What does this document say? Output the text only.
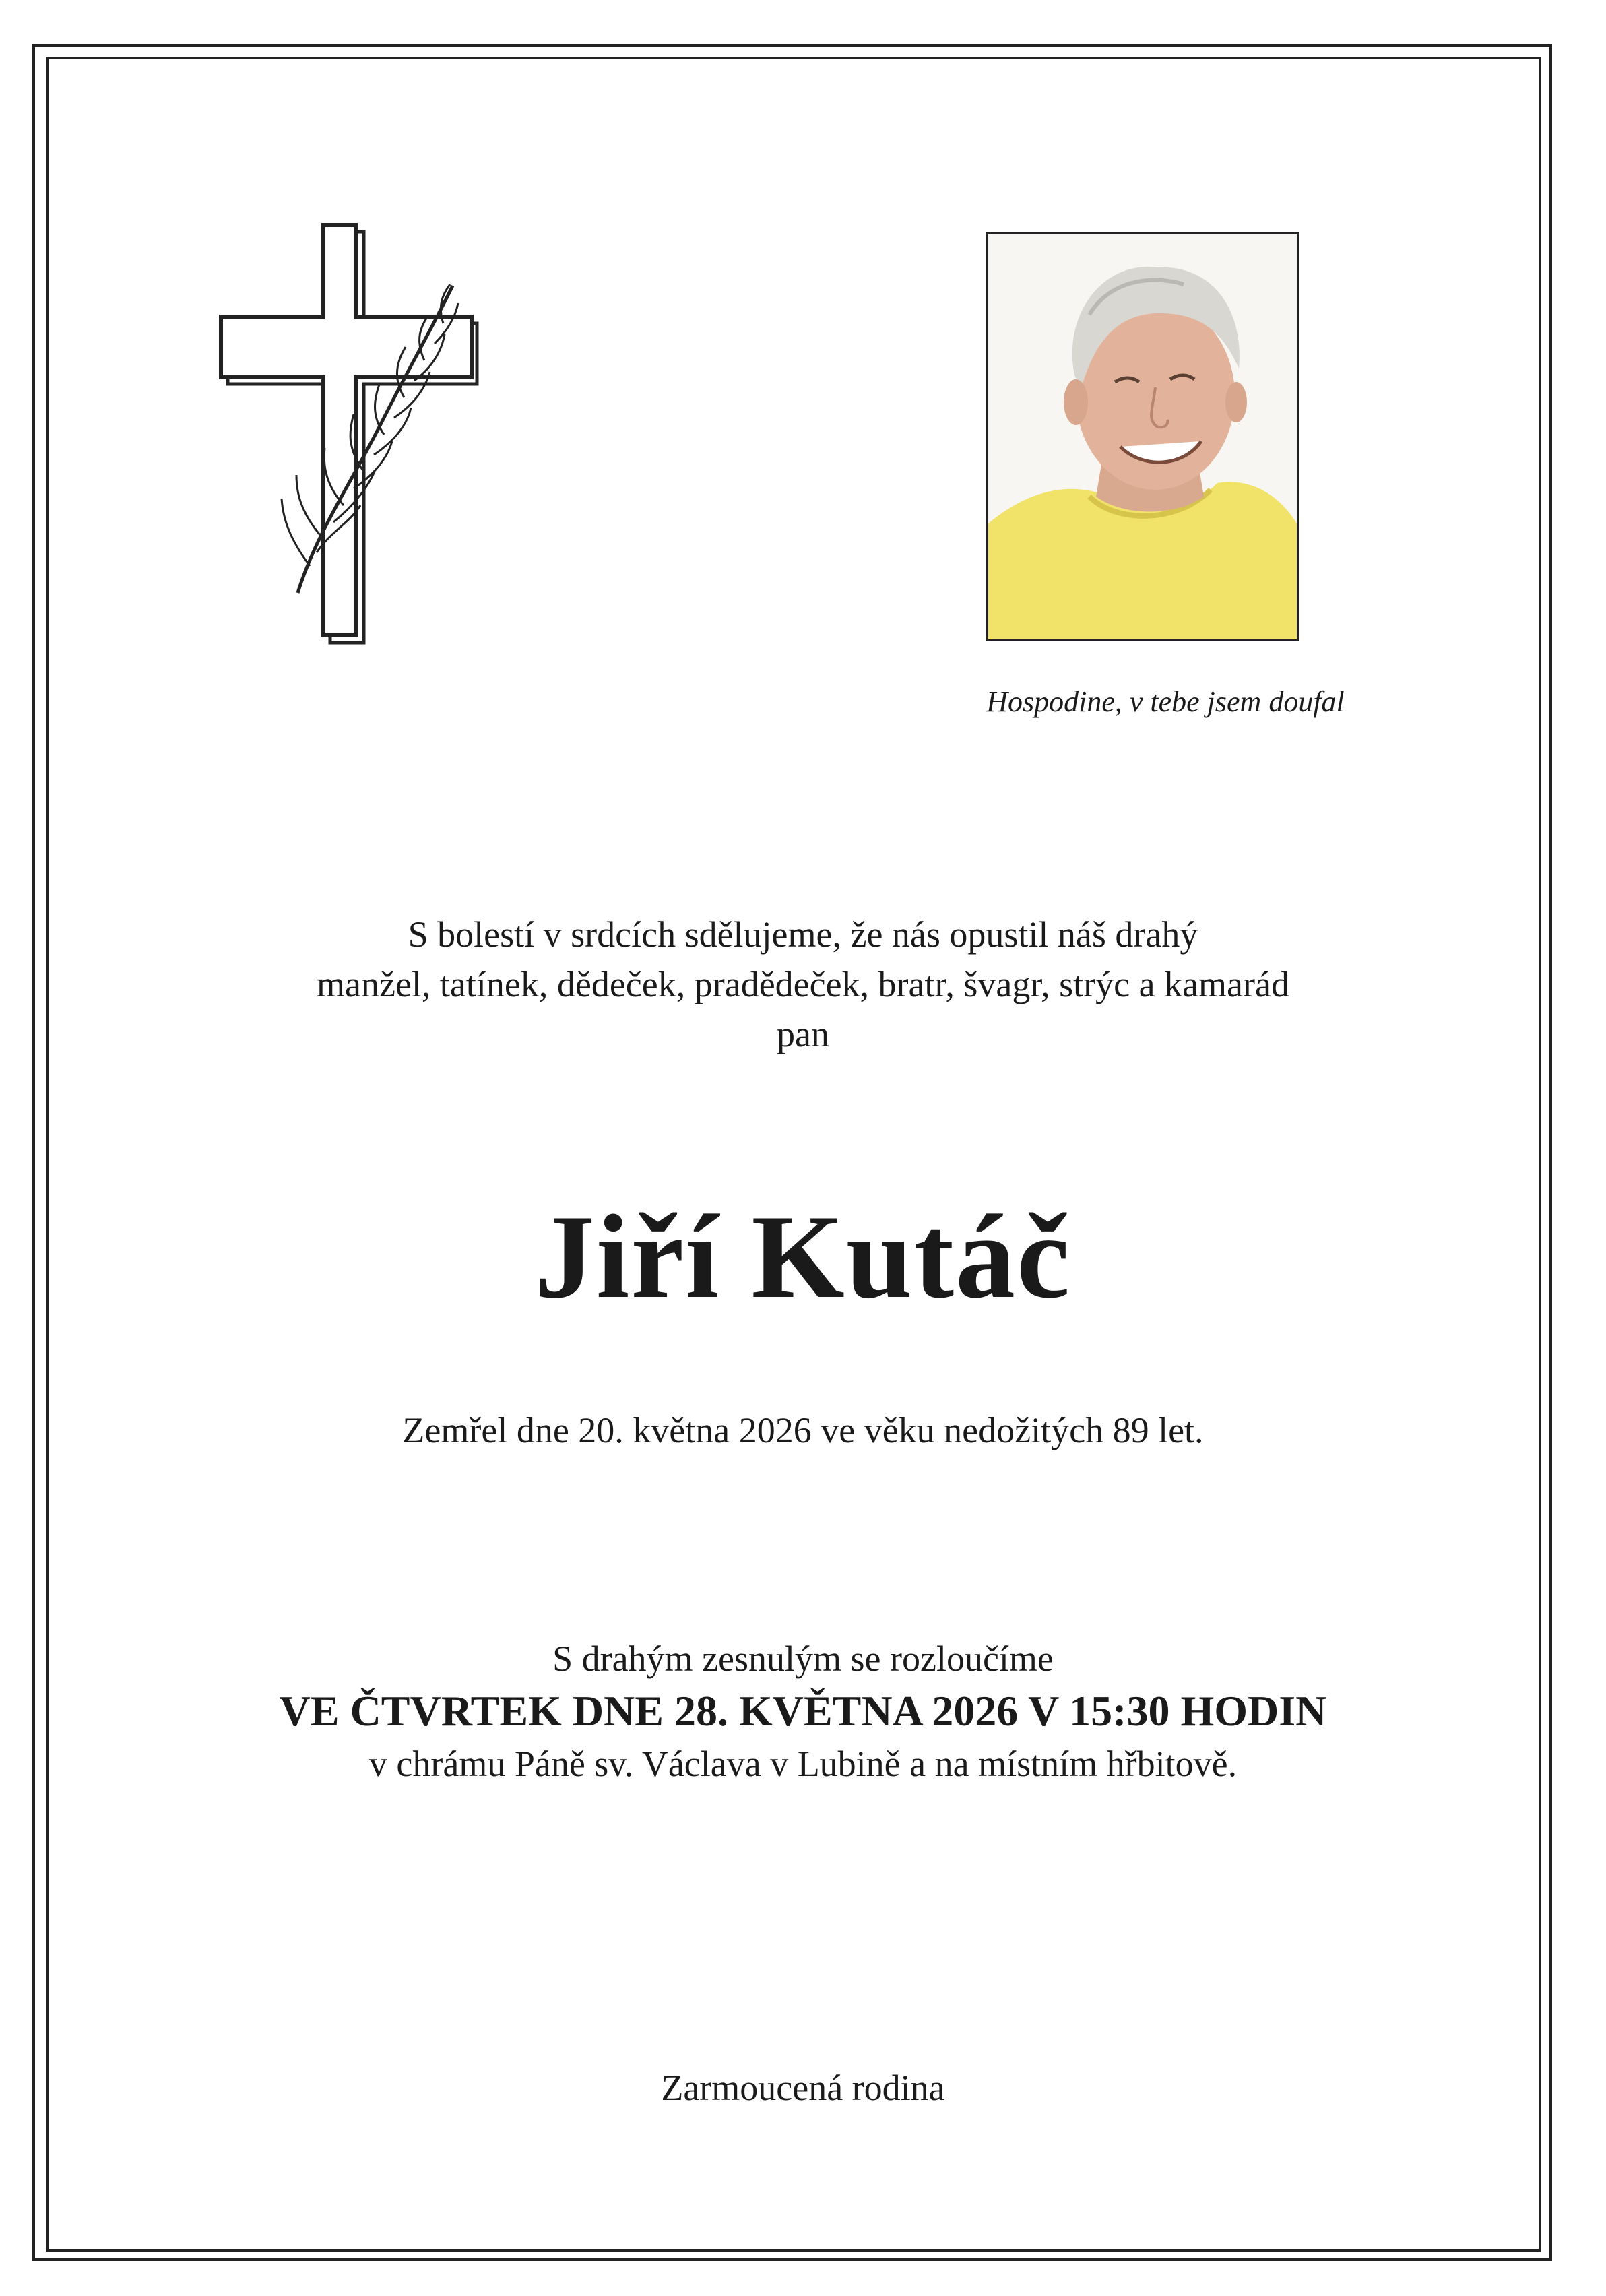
Hospodine, v tebe jsem doufal
S bolestí v srdcích sdělujeme, že nás opustil náš drahý
manžel, tatínek, dědeček, pradědeček, bratr, švagr, strýc a kamarád
pan
Jiří Kutáč
Zemřel dne 20. května 2026 ve věku nedožitých 89 let.
S drahým zesnulým se rozloučíme
VE ČTVRTEK DNE 28. KVĚTNA 2026 V 15:30 HODIN
v chrámu Páně sv. Václava v Lubině a na místním hřbitově.
Zarmoucená rodina
